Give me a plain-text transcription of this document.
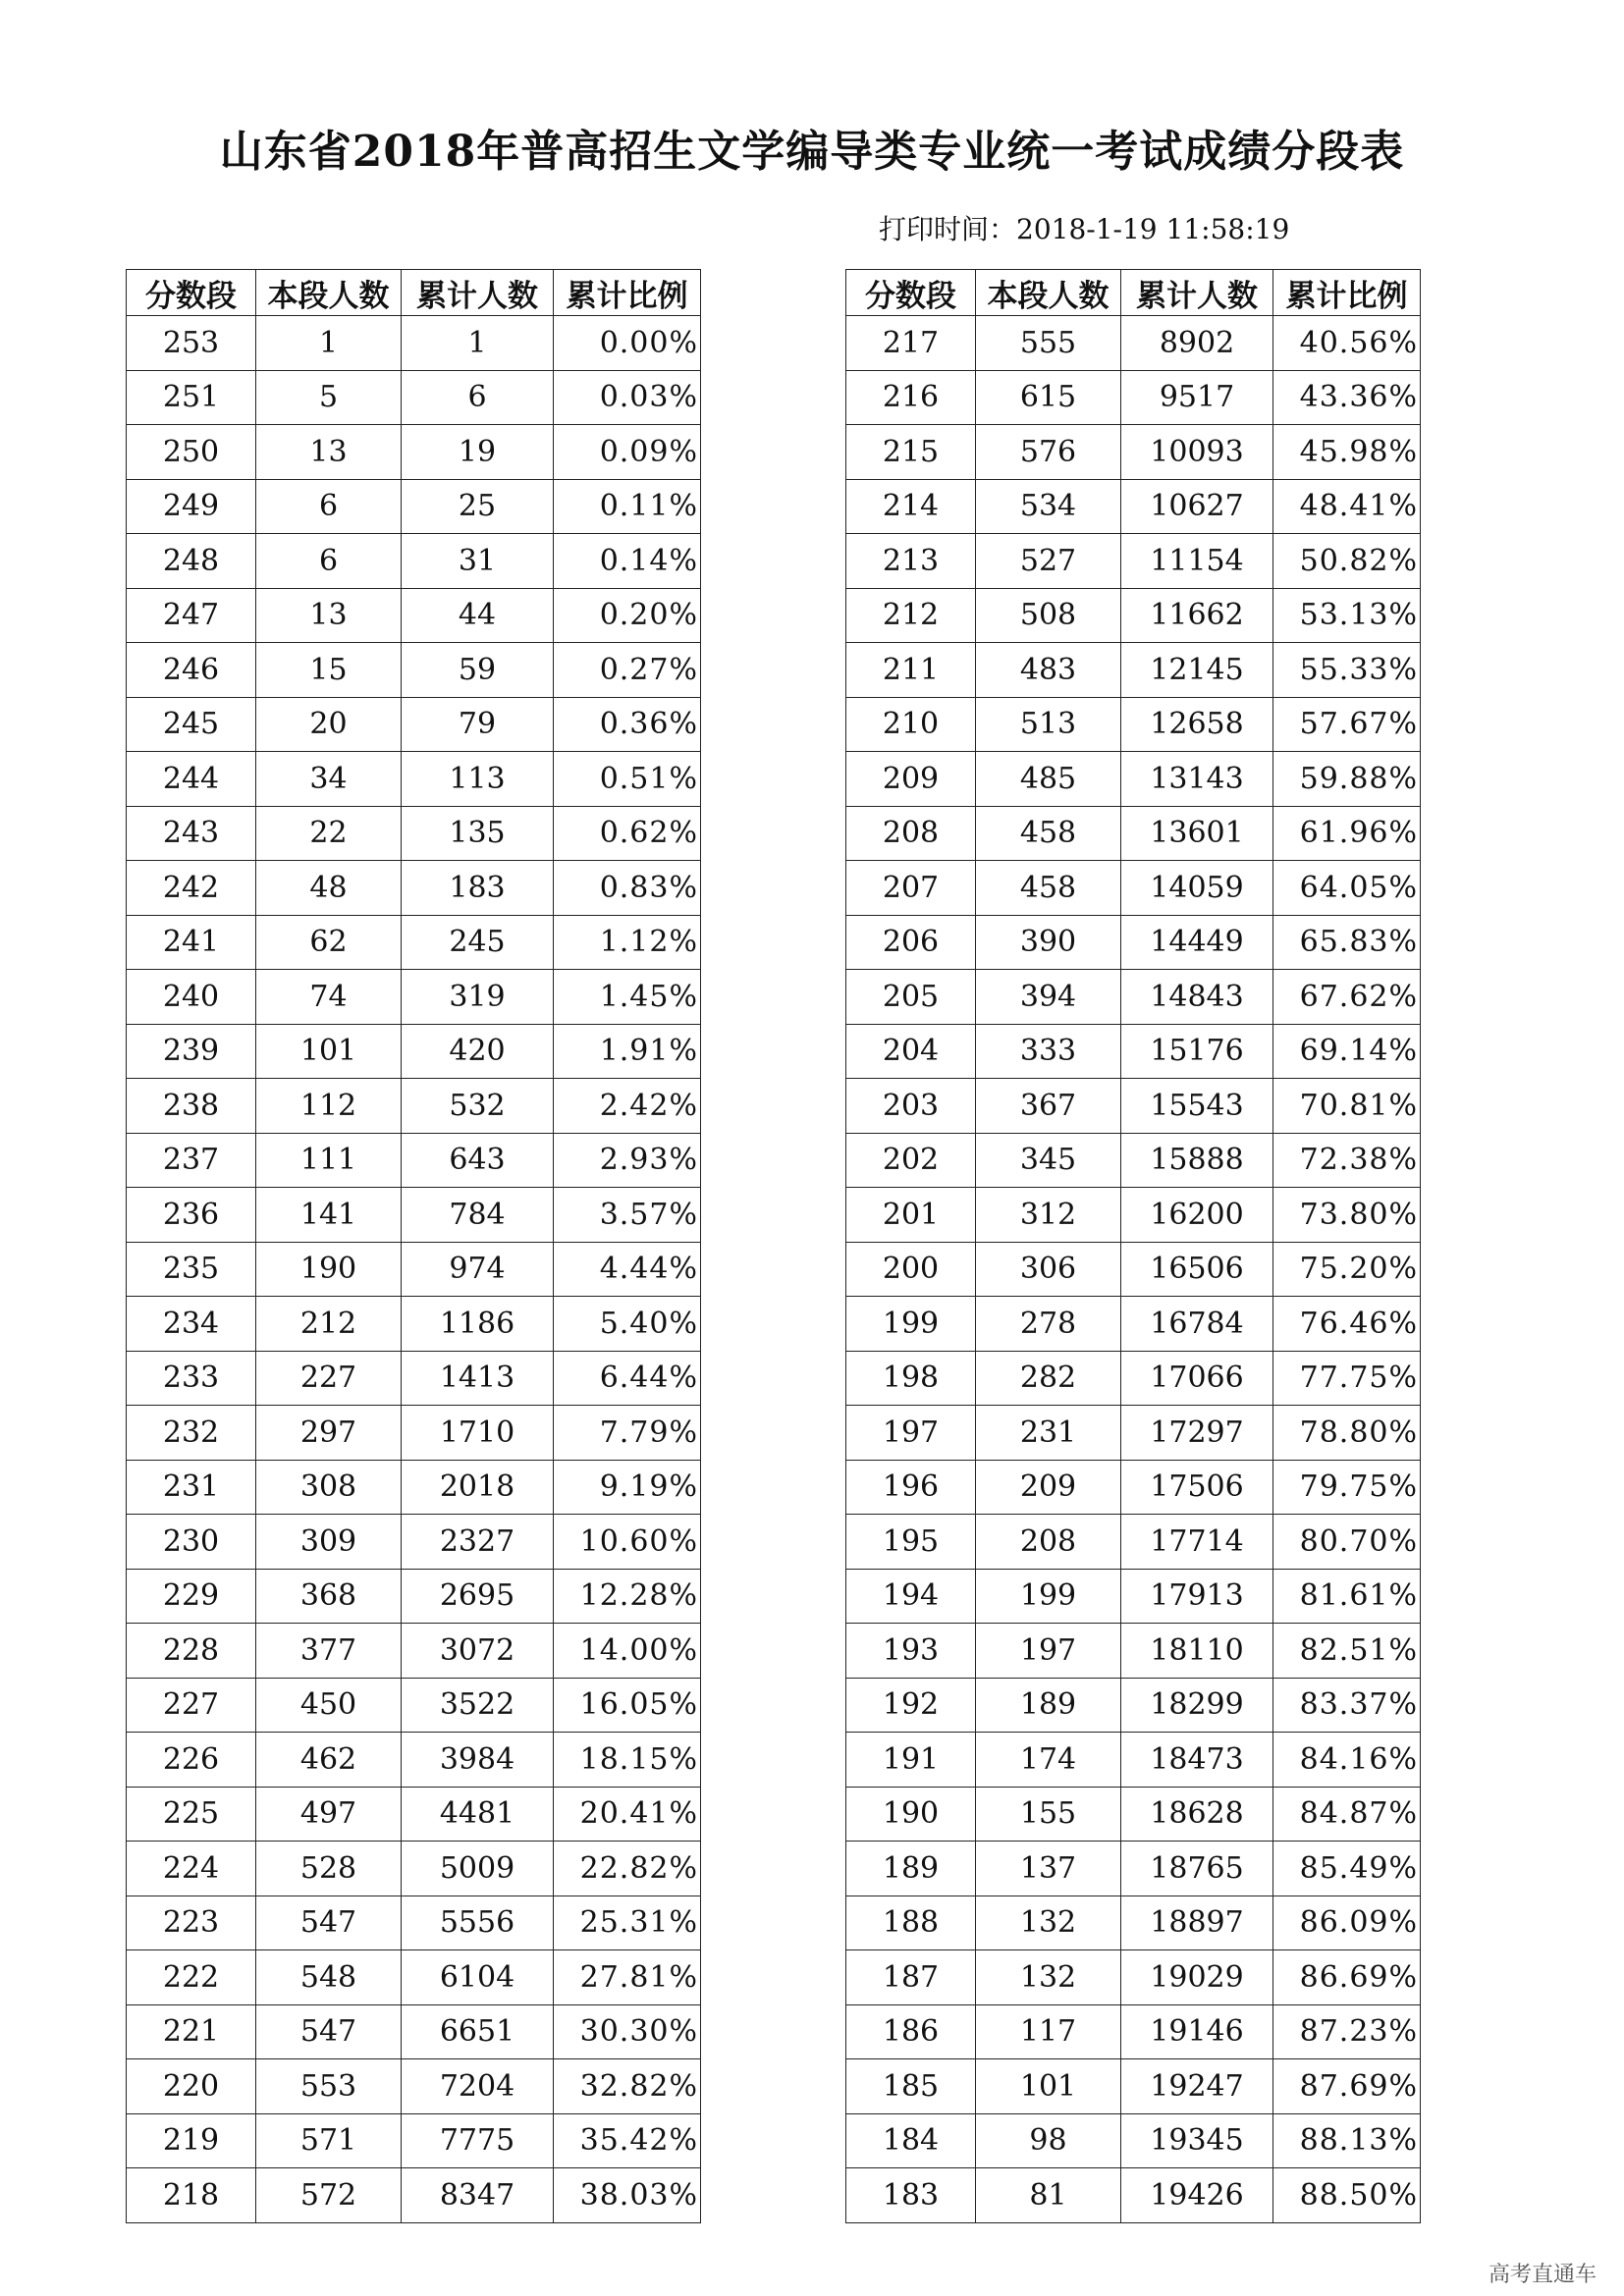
山东省2018年普高招生文学编导类专业统一考试成绩分段表
打印时间：2018-1-19 11:58:19
分数段	本段人数	累计人数	累计比例
253	1	1	0.00%
251	5	6	0.03%
250	13	19	0.09%
249	6	25	0.11%
248	6	31	0.14%
247	13	44	0.20%
246	15	59	0.27%
245	20	79	0.36%
244	34	113	0.51%
243	22	135	0.62%
242	48	183	0.83%
241	62	245	1.12%
240	74	319	1.45%
239	101	420	1.91%
238	112	532	2.42%
237	111	643	2.93%
236	141	784	3.57%
235	190	974	4.44%
234	212	1186	5.40%
233	227	1413	6.44%
232	297	1710	7.79%
231	308	2018	9.19%
230	309	2327	10.60%
229	368	2695	12.28%
228	377	3072	14.00%
227	450	3522	16.05%
226	462	3984	18.15%
225	497	4481	20.41%
224	528	5009	22.82%
223	547	5556	25.31%
222	548	6104	27.81%
221	547	6651	30.30%
220	553	7204	32.82%
219	571	7775	35.42%
218	572	8347	38.03%
分数段	本段人数	累计人数	累计比例
217	555	8902	40.56%
216	615	9517	43.36%
215	576	10093	45.98%
214	534	10627	48.41%
213	527	11154	50.82%
212	508	11662	53.13%
211	483	12145	55.33%
210	513	12658	57.67%
209	485	13143	59.88%
208	458	13601	61.96%
207	458	14059	64.05%
206	390	14449	65.83%
205	394	14843	67.62%
204	333	15176	69.14%
203	367	15543	70.81%
202	345	15888	72.38%
201	312	16200	73.80%
200	306	16506	75.20%
199	278	16784	76.46%
198	282	17066	77.75%
197	231	17297	78.80%
196	209	17506	79.75%
195	208	17714	80.70%
194	199	17913	81.61%
193	197	18110	82.51%
192	189	18299	83.37%
191	174	18473	84.16%
190	155	18628	84.87%
189	137	18765	85.49%
188	132	18897	86.09%
187	132	19029	86.69%
186	117	19146	87.23%
185	101	19247	87.69%
184	98	19345	88.13%
183	81	19426	88.50%
高考直通车
